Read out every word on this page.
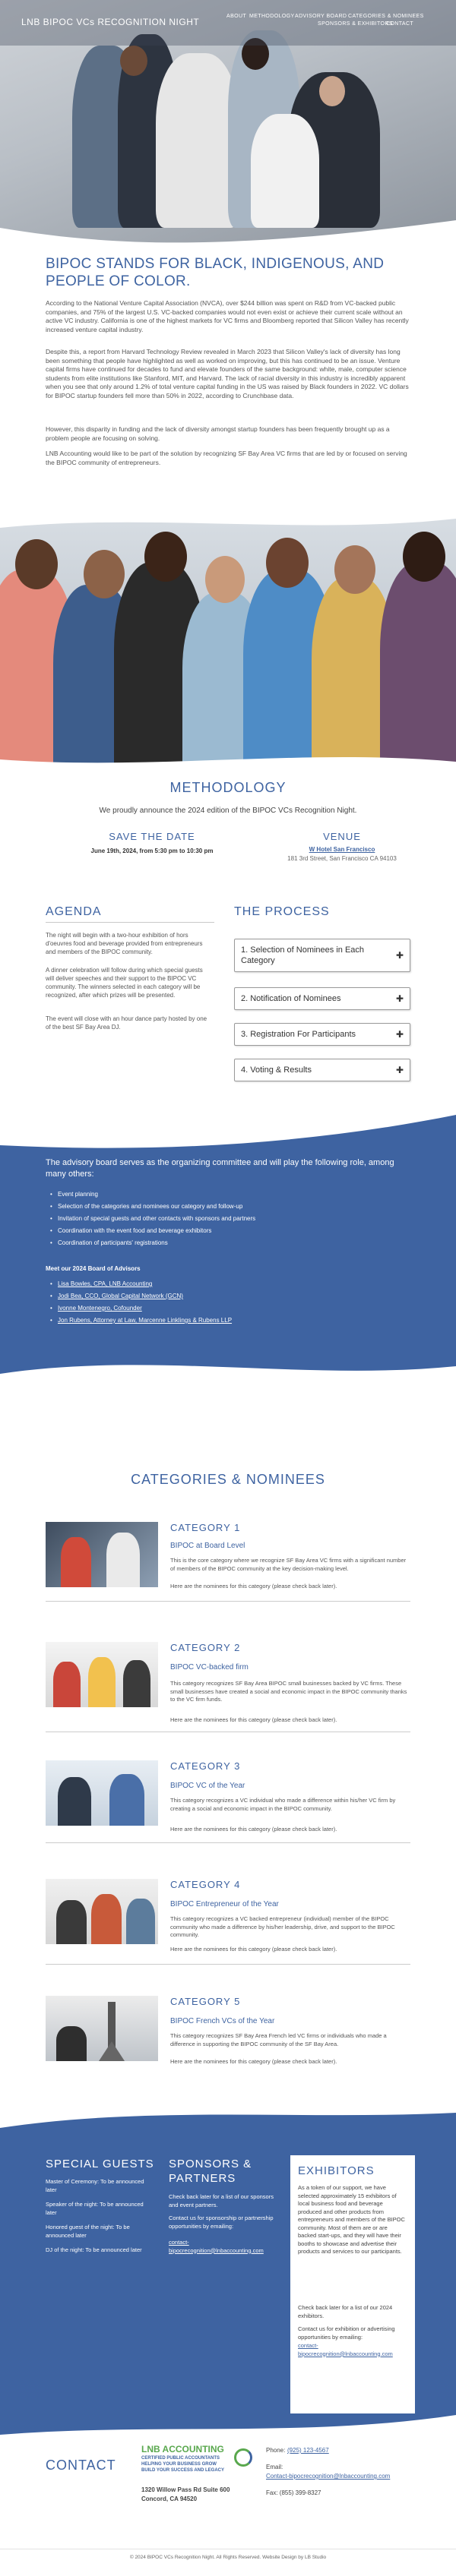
LNB BIPOC VCs RECOGNITION NIGHT
ABOUT METHODOLOGY ADVISORY BOARD CATEGORIES & NOMINEES
SPONSORS & EXHIBITORS
CONTACT
BIPOC STANDS FOR BLACK, INDIGENOUS, AND
PEOPLE OF COLOR.
According to the National Venture Capital Association (NVCA), over $244 billion was spent on R&D from VC-backed public companies, and 75% of the largest U.S. VC-backed companies would not even exist or achieve their current scale without an active VC industry. California is one of the highest markets for VC firms and Bloomberg reported that Silicon Valley has recently increased venture capital industry.
Despite this, a report from Harvard Technology Review revealed in March 2023 that Silicon Valley's lack of diversity has long been something that people have highlighted as well as worked on improving, but this has continued to be an issue. Venture capital firms have continued for decades to fund and elevate founders of the same background: white, male, computer science students from elite institutions like Stanford, MIT, and Harvard. The lack of racial diversity in this industry is incredibly apparent when you see that only around 1.2% of total venture capital funding in the US was raised by Black founders in 2022. VC dollars for BIPOC startup founders fell more than 50% in 2022, according to Crunchbase data.
However, this disparity in funding and the lack of diversity amongst startup founders has been frequently brought up as a problem people are focusing on solving.
LNB Accounting would like to be part of the solution by recognizing SF Bay Area VC firms that are led by or focused on serving the BIPOC community of entrepreneurs.
METHODOLOGY
We proudly announce the 2024 edition of the BIPOC VCs Recognition Night.
SAVE THE DATE
June 19th, 2024, from 5:30 pm to 10:30 pm
VENUE
W Hotel San Francisco
181 3rd Street, San Francisco CA 94103
AGENDA
The night will begin with a two-hour exhibition of hors d'oeuvres food and beverage provided from entrepreneurs and members of the BIPOC community.
A dinner celebration will follow during which special guests will deliver speeches and their support to the BIPOC VC community. The winners selected in each category will be recognized, after which prizes will be presented.
The event will close with an hour dance party hosted by one of the best SF Bay Area DJ.
THE PROCESS
1. Selection of Nominees in Each Category	✚
2. Notification of Nominees	✚
3. Registration For Participants	✚
4. Voting & Results	✚
ADVISORY BOARD
The advisory board serves as the organizing committee and will play the following role, among many others:
• Event planning
• Selection of the categories and nominees our category and follow-up
• Invitation of special guests and other contacts with sponsors and partners
• Coordination with the event food and beverage exhibitors
• Coordination of participants' registrations
Meet our 2024 Board of Advisors
• Lisa Bowles, CPA, LNB Accounting
• Jodi Bea, CCO, Global Capital Network (GCN)
• Ivonne Montenegro, Cofounder
• Jon Rubens, Attorney at Law, Marcenne Linklings & Rubens LLP
CATEGORIES & NOMINEES
CATEGORY 1
BIPOC at Board Level
This is the core category where we recognize SF Bay Area VC firms with a significant number of members of the BIPOC community at the key decision-making level.
Here are the nominees for this category (please check back later).
CATEGORY 2
BIPOC VC-backed firm
This category recognizes SF Bay Area BIPOC small businesses backed by VC firms. These small businesses have created a social and economic impact in the BIPOC community thanks to the VC firm funds.
Here are the nominees for this category (please check back later).
CATEGORY 3
BIPOC VC of the Year
This category recognizes a VC individual who made a difference within his/her VC firm by creating a social and economic impact in the BIPOC community.
Here are the nominees for this category (please check back later).
CATEGORY 4
BIPOC Entrepreneur of the Year
This category recognizes a VC backed entrepreneur (individual) member of the BIPOC community who made a difference by his/her leadership, drive, and support to the BIPOC community.
Here are the nominees for this category (please check back later).
CATEGORY 5
BIPOC French VCs of the Year
This category recognizes SF Bay Area French led VC firms or individuals who made a difference in supporting the BIPOC community of the SF Bay Area.
Here are the nominees for this category (please check back later).
SPECIAL GUESTS
Master of Ceremony: To be announced later
Speaker of the night: To be announced later
Honored guest of the night: To be announced later
DJ of the night: To be announced later
SPONSORS &
PARTNERS
Check back later for a list of our sponsors and event partners.
Contact us for sponsorship or partnership opportunities by emailing:
contact-bipocrecognition@lnbaccounting.com
EXHIBITORS
As a token of our support, we have selected approximately 15 exhibitors of local business food and beverage produced and other products from entrepreneurs and members of the BIPOC community. Most of them are or are backed start-ups, and they will have their booths to showcase and advertise their products and services to our participants.
Check back later for a list of our 2024 exhibitors.
Contact us for exhibition or advertising opportunities by emailing:
contact-bipocrecognition@lnbaccounting.com
CONTACT
LNB ACCOUNTING
CERTIFIED PUBLIC ACCOUNTANTS
HELPING YOUR BUSINESS GROW
BUILD YOUR SUCCESS AND LEGACY
1320 Willow Pass Rd Suite 600
Concord, CA 94520
Phone: (925) 123-4567
Email:
Contact-bipocrecognition@lnbaccounting.com
Fax: (855) 399-8327
© 2024 BIPOC VCs Recognition Night. All Rights Reserved. Website Design by LB Studio
